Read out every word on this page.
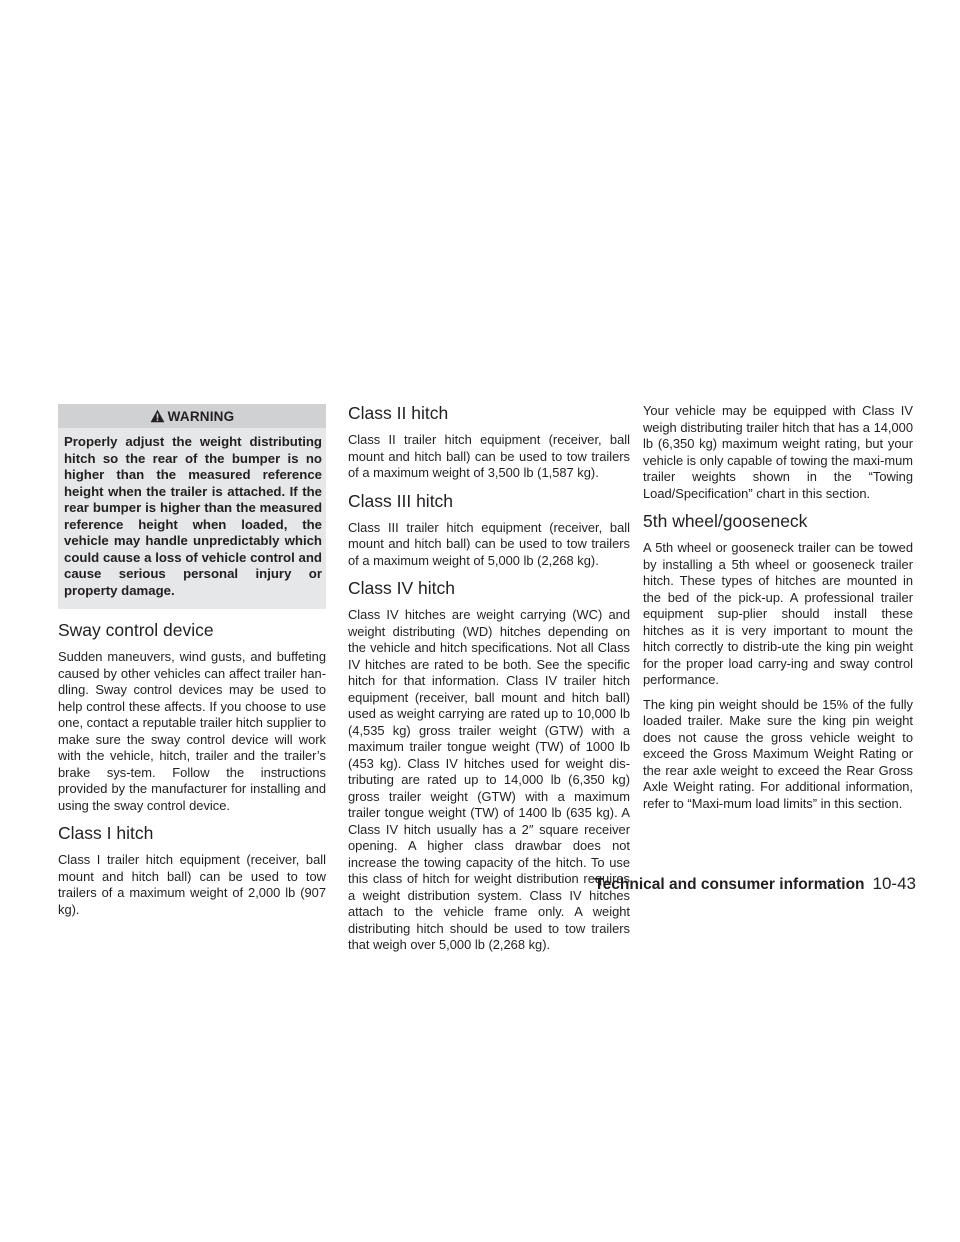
WARNING
Properly adjust the weight distributing hitch so the rear of the bumper is no higher than the measured reference height when the trailer is attached. If the rear bumper is higher than the measured reference height when loaded, the vehicle may handle unpredictably which could cause a loss of vehicle control and cause serious personal injury or property damage.
Sway control device

Sudden maneuvers, wind gusts, and buffeting caused by other vehicles can affect trailer han-dling. Sway control devices may be used to help control these affects. If you choose to use one, contact a reputable trailer hitch supplier to make sure the sway control device will work with the vehicle, hitch, trailer and the trailer’s brake sys-tem. Follow the instructions provided by the manufacturer for installing and using the sway control device.

Class I hitch

Class I trailer hitch equipment (receiver, ball mount and hitch ball) can be used to tow trailers of a maximum weight of 2,000 lb (907 kg).

Class II hitch

Class II trailer hitch equipment (receiver, ball mount and hitch ball) can be used to tow trailers of a maximum weight of 3,500 lb (1,587 kg).

Class III hitch

Class III trailer hitch equipment (receiver, ball mount and hitch ball) can be used to tow trailers of a maximum weight of 5,000 lb (2,268 kg).

Class IV hitch

Class IV hitches are weight carrying (WC) and weight distributing (WD) hitches depending on the vehicle and hitch specifications. Not all Class IV hitches are rated to be both. See the specific hitch for that information. Class IV trailer hitch equipment (receiver, ball mount and hitch ball) used as weight carrying are rated up to 10,000 lb (4,535 kg) gross trailer weight (GTW) with a maximum trailer tongue weight (TW) of 1000 lb (453 kg). Class IV hitches used for weight dis-tributing are rated up to 14,000 lb (6,350 kg) gross trailer weight (GTW) with a maximum trailer tongue weight (TW) of 1400 lb (635 kg). A Class IV hitch usually has a 2″ square receiver opening. A higher class drawbar does not increase the towing capacity of the hitch. To use this class of hitch for weight distribution requires a weight distribution system. Class IV hitches attach to the vehicle frame only. A weight distributing hitch should be used to tow trailers that weigh over 5,000 lb (2,268 kg).

Your vehicle may be equipped with Class IV weigh distributing trailer hitch that has a 14,000 lb (6,350 kg) maximum weight rating, but your vehicle is only capable of towing the maxi-mum trailer weights shown in the “Towing Load/Specification” chart in this section.

5th wheel/gooseneck

A 5th wheel or gooseneck trailer can be towed by installing a 5th wheel or gooseneck trailer hitch. These types of hitches are mounted in the bed of the pick-up. A professional trailer equipment sup-plier should install these hitches as it is very important to mount the hitch correctly to distrib-ute the king pin weight for the proper load carry-ing and sway control performance.

The king pin weight should be 15% of the fully loaded trailer. Make sure the king pin weight does not cause the gross vehicle weight to exceed the Gross Maximum Weight Rating or the rear axle weight to exceed the Rear Gross Axle Weight rating. For additional information, refer to “Maxi-mum load limits” in this section.

Technical and consumer information 10-43
